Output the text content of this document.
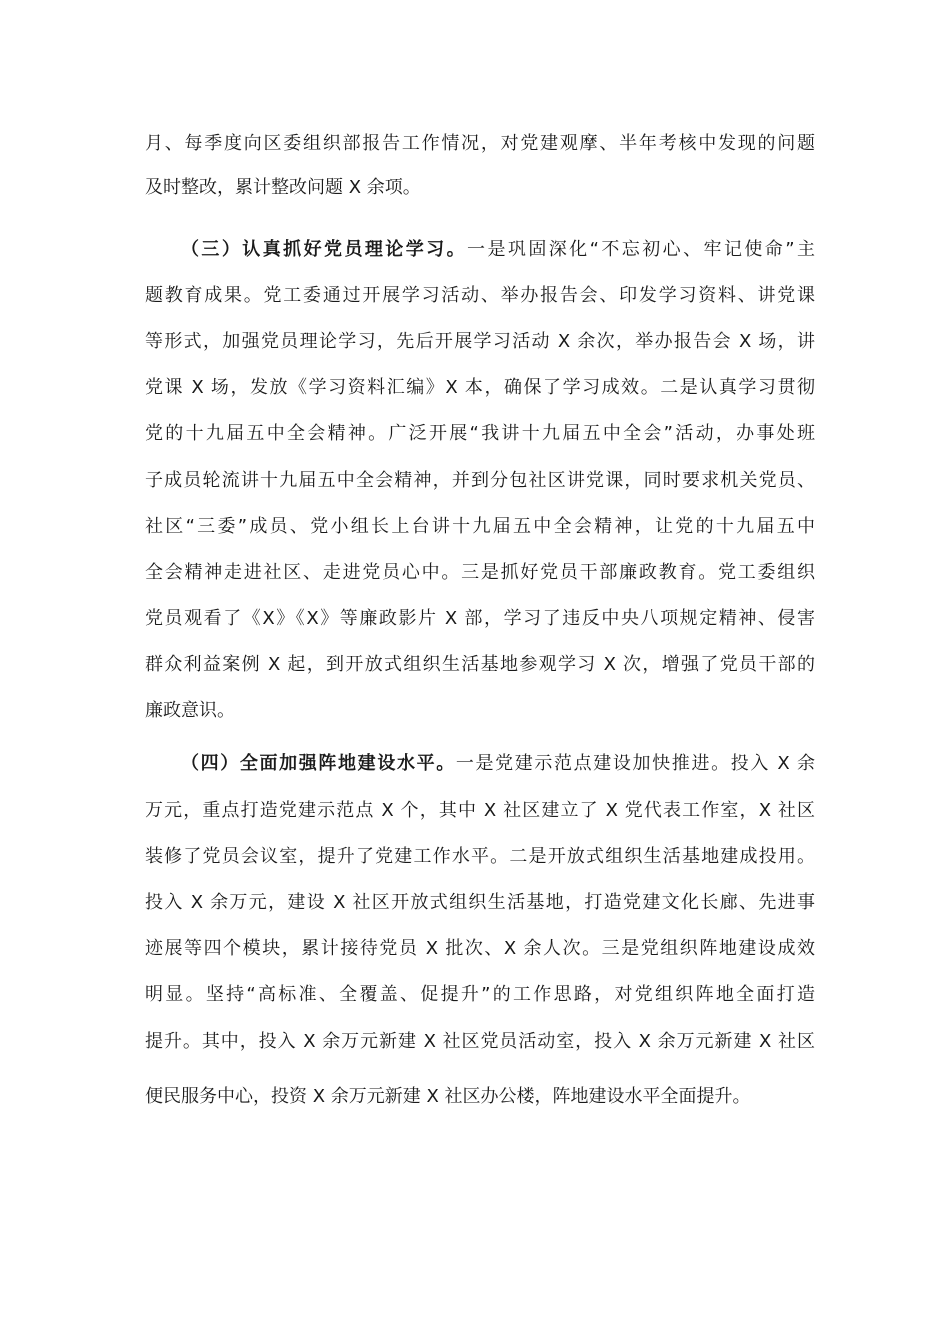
月、每季度向区委组织部报告工作情况，对党建观摩、半年考核中发现的问题
及时整改，累计整改问题 X 余项。
（三）认真抓好党员理论学习。一是巩固深化“不忘初心、牢记使命”主
题教育成果。党工委通过开展学习活动、举办报告会、印发学习资料、讲党课
等形式，加强党员理论学习，先后开展学习活动 X 余次，举办报告会 X 场，讲
党课 X 场，发放《学习资料汇编》X 本，确保了学习成效。二是认真学习贯彻
党的十九届五中全会精神。广泛开展“我讲十九届五中全会”活动，办事处班
子成员轮流讲十九届五中全会精神，并到分包社区讲党课，同时要求机关党员、
社区“三委”成员、党小组长上台讲十九届五中全会精神，让党的十九届五中
全会精神走进社区、走进党员心中。三是抓好党员干部廉政教育。党工委组织
党员观看了《X》《X》等廉政影片 X 部，学习了违反中央八项规定精神、侵害
群众利益案例 X 起，到开放式组织生活基地参观学习 X 次，增强了党员干部的
廉政意识。
（四）全面加强阵地建设水平。一是党建示范点建设加快推进。投入 X 余
万元，重点打造党建示范点 X 个，其中 X 社区建立了 X 党代表工作室，X 社区
装修了党员会议室，提升了党建工作水平。二是开放式组织生活基地建成投用。
投入 X 余万元，建设 X 社区开放式组织生活基地，打造党建文化长廊、先进事
迹展等四个模块，累计接待党员 X 批次、X 余人次。三是党组织阵地建设成效
明显。坚持“高标准、全覆盖、促提升”的工作思路，对党组织阵地全面打造
提升。其中，投入 X 余万元新建 X 社区党员活动室，投入 X 余万元新建 X 社区
便民服务中心，投资 X 余万元新建 X 社区办公楼，阵地建设水平全面提升。
